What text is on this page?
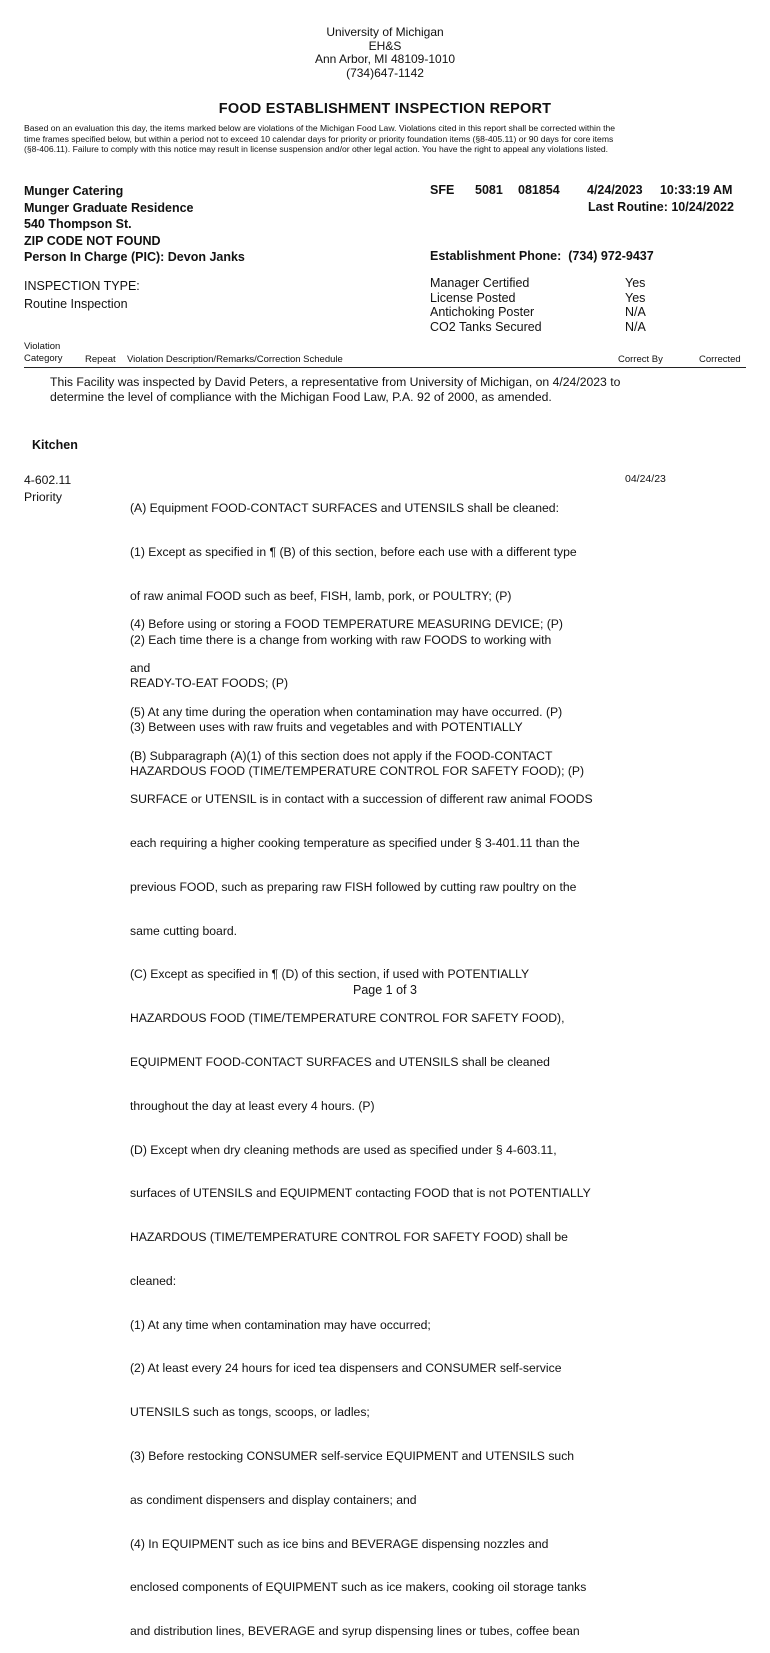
University of Michigan
EH&S
Ann Arbor, MI 48109-1010
(734)647-1142
FOOD ESTABLISHMENT INSPECTION REPORT
Based on an evaluation this day, the items marked below are violations of the Michigan Food Law. Violations cited in this report shall be corrected within the
time frames specified below, but within a period not to exceed 10 calendar days for priority or priority foundation items (§8-405.11) or 90 days for core items
(§8-406.11). Failure to comply with this notice may result in license suspension and/or other legal action. You have the right to appeal any violations listed.
Munger Catering
Munger Graduate Residence
540 Thompson St.
ZIP CODE NOT FOUND
Person In Charge (PIC): Devon Janks
SFE 5081 081854 4/24/2023     10:33:19 AM
Last Routine: 10/24/2022
Establishment Phone:  (734) 972-9437
INSPECTION TYPE:
Routine Inspection
Manager Certified
License Posted
Antichoking Poster
CO2 Tanks Secured
Yes
Yes
N/A
N/A
Violation
Category Repeat Violation Description/Remarks/Correction Schedule	Correct By	Corrected
This Facility was inspected by David Peters, a representative from University of Michigan, on 4/24/2023 to
determine the level of compliance with the Michigan Food Law, P.A. 92 of 2000, as amended.
Kitchen
4-602.11
Priority
04/24/23

(A) Equipment FOOD-CONTACT SURFACES and UTENSILS shall be cleaned:

(1) Except as specified in ¶ (B) of this section, before each use with a different type

of raw animal FOOD such as beef, FISH, lamb, pork, or POULTRY; (P)

(2) Each time there is a change from working with raw FOODS to working with

READY-TO-EAT FOODS; (P)

(3) Between uses with raw fruits and vegetables and with POTENTIALLY

HAZARDOUS FOOD (TIME/TEMPERATURE CONTROL FOR SAFETY FOOD); (P)

(4) Before using or storing a FOOD TEMPERATURE MEASURING DEVICE; (P)

and

(5) At any time during the operation when contamination may have occurred. (P)

(B) Subparagraph (A)(1) of this section does not apply if the FOOD-CONTACT

SURFACE or UTENSIL is in contact with a succession of different raw animal FOODS

each requiring a higher cooking temperature as specified under § 3-401.11 than the

previous FOOD, such as preparing raw FISH followed by cutting raw poultry on the

same cutting board.

(C) Except as specified in ¶ (D) of this section, if used with POTENTIALLY

HAZARDOUS FOOD (TIME/TEMPERATURE CONTROL FOR SAFETY FOOD),

EQUIPMENT FOOD-CONTACT SURFACES and UTENSILS shall be cleaned

throughout the day at least every 4 hours. (P)

(D) Except when dry cleaning methods are used as specified under § 4-603.11,

surfaces of UTENSILS and EQUIPMENT contacting FOOD that is not POTENTIALLY

HAZARDOUS (TIME/TEMPERATURE CONTROL FOR SAFETY FOOD) shall be

cleaned:

(1) At any time when contamination may have occurred;

(2) At least every 24 hours for iced tea dispensers and CONSUMER self-service

UTENSILS such as tongs, scoops, or ladles;

(3) Before restocking CONSUMER self-service EQUIPMENT and UTENSILS such

as condiment dispensers and display containers; and

(4) In EQUIPMENT such as ice bins and BEVERAGE dispensing nozzles and

enclosed components of EQUIPMENT such as ice makers, cooking oil storage tanks

and distribution lines, BEVERAGE and syrup dispensing lines or tubes, coffee bean

Page 1 of 3
